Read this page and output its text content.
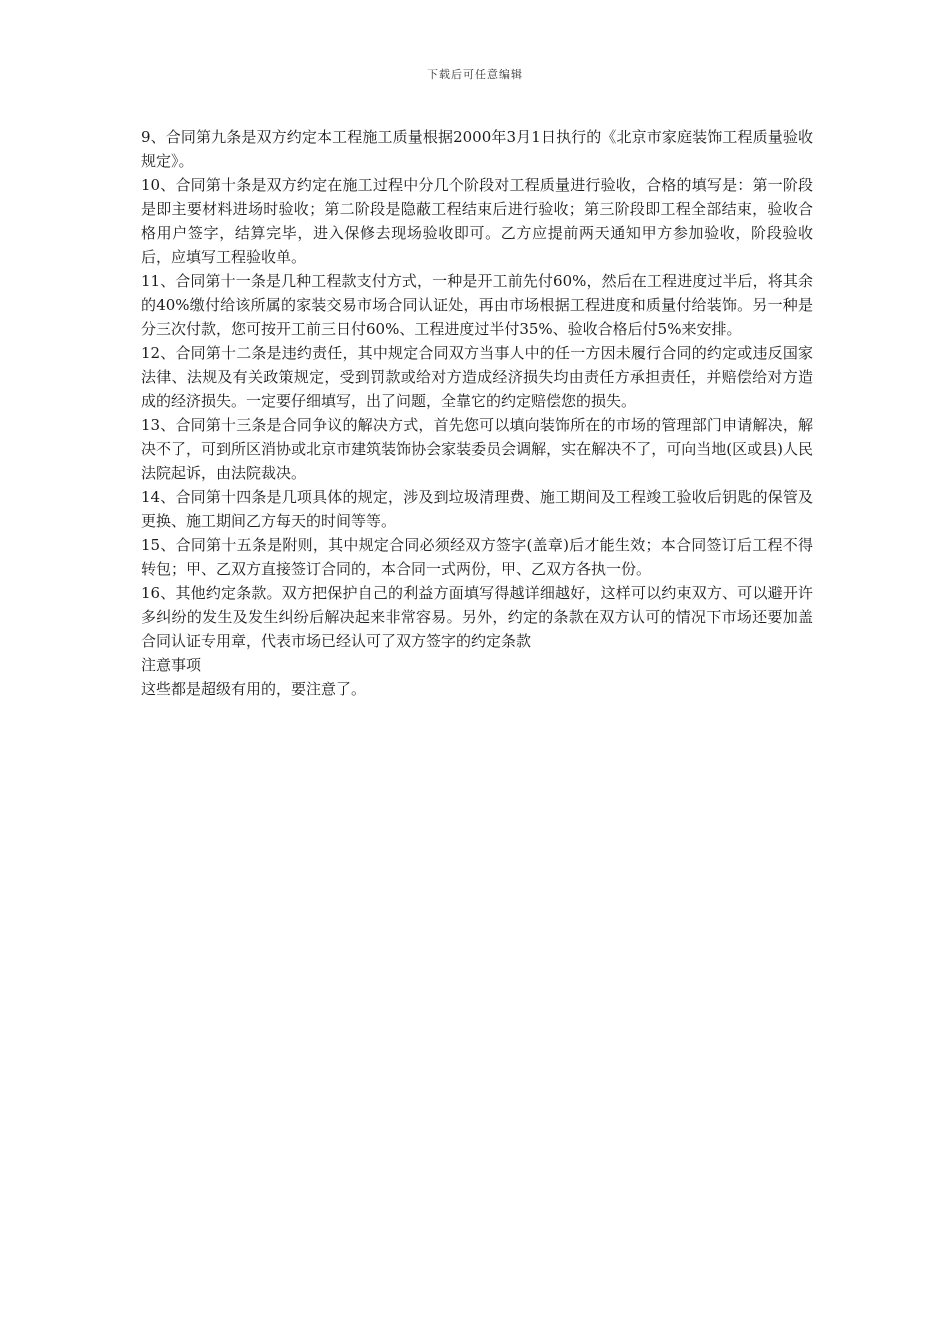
下载后可任意编辑

9、合同第九条是双方约定本工程施工质量根据2000年3月1日执行的《北京市家庭装饰工程质量验收规定》。

10、合同第十条是双方约定在施工过程中分几个阶段对工程质量进行验收，合格的填写是：第一阶段是即主要材料进场时验收；第二阶段是隐蔽工程结束后进行验收；第三阶段即工程全部结束，验收合格用户签字，结算完毕，进入保修去现场验收即可。乙方应提前两天通知甲方参加验收，阶段验收后，应填写工程验收单。

11、合同第十一条是几种工程款支付方式，一种是开工前先付60%，然后在工程进度过半后，将其余的40%缴付给该所属的家装交易市场合同认证处，再由市场根据工程进度和质量付给装饰。另一种是分三次付款，您可按开工前三日付60%、工程进度过半付35%、验收合格后付5%来安排。

12、合同第十二条是违约责任，其中规定合同双方当事人中的任一方因未履行合同的约定或违反国家法律、法规及有关政策规定，受到罚款或给对方造成经济损失均由责任方承担责任，并赔偿给对方造成的经济损失。一定要仔细填写，出了问题，全靠它的约定赔偿您的损失。

13、合同第十三条是合同争议的解决方式，首先您可以填向装饰所在的市场的管理部门申请解决，解决不了，可到所区消协或北京市建筑装饰协会家装委员会调解，实在解决不了，可向当地(区或县)人民法院起诉，由法院裁决。

14、合同第十四条是几项具体的规定，涉及到垃圾清理费、施工期间及工程竣工验收后钥匙的保管及更换、施工期间乙方每天的时间等等。

15、合同第十五条是附则，其中规定合同必须经双方签字(盖章)后才能生效；本合同签订后工程不得转包；甲、乙双方直接签订合同的，本合同一式两份，甲、乙双方各执一份。

16、其他约定条款。双方把保护自己的利益方面填写得越详细越好，这样可以约束双方、可以避开许多纠纷的发生及发生纠纷后解决起来非常容易。另外，约定的条款在双方认可的情况下市场还要加盖合同认证专用章，代表市场已经认可了双方签字的约定条款

注意事项

这些都是超级有用的，要注意了。
